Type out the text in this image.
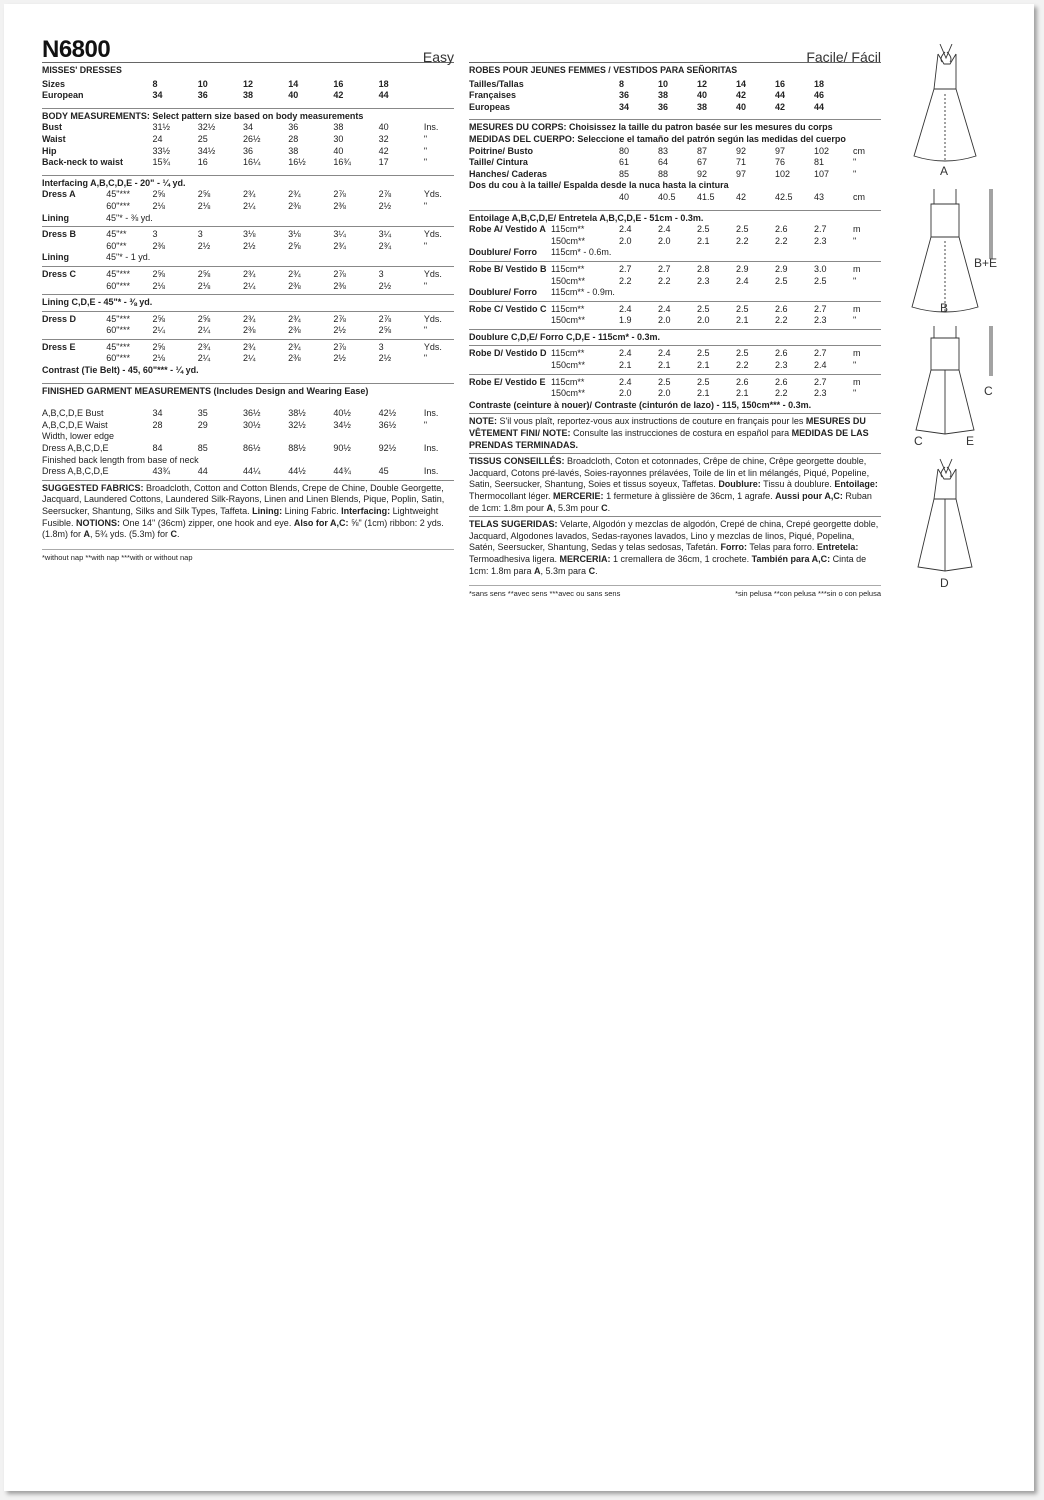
N6800	Easy
MISSES' DRESSES
Sizes	8	10	12	14	16	18	
European	34	36	38	40	42	44	
BODY MEASUREMENTS: Select pattern size based on body measurements
Bust	31½	32½	34	36	38	40	Ins.
Waist	24	25	26½	28	30	32	"
Hip	33½	34½	36	38	40	42	"
Back-neck to waist	15¾	16	16¼	16½	16¾	17	"
Interfacing A,B,C,D,E - 20" - ¼ yd.
Dress A	45"***	2⅝	2⅝	2¾	2¾	2⅞	2⅞	Yds.
	60"***	2⅛	2⅛	2¼	2⅜	2⅜	2½	"
Lining	45"* - ⅜ yd.
Dress B	45"**	3	3	3⅛	3⅛	3¼	3¼	Yds.
	60"**	2⅜	2½	2½	2⅝	2¾	2¾	"
Lining	45"* - 1 yd.
Dress C	45"***	2⅝	2⅝	2¾	2¾	2⅞	3	Yds.
	60"***	2⅛	2⅛	2¼	2⅜	2⅜	2½	"
Lining C,D,E - 45"* - ⅜ yd.
Dress D	45"***	2⅝	2⅝	2¾	2¾	2⅞	2⅞	Yds.
	60"***	2¼	2¼	2⅜	2⅜	2½	2⅝	"
Dress E	45"***	2⅝	2¾	2¾	2¾	2⅞	3	Yds.
	60"***	2⅛	2¼	2¼	2⅜	2½	2½	"
Contrast (Tie Belt) - 45, 60"*** - ¼ yd.
FINISHED GARMENT MEASUREMENTS (Includes Design and Wearing Ease)
A,B,C,D,E Bust	34	35	36½	38½	40½	42½	Ins.
A,B,C,D,E Waist	28	29	30½	32½	34½	36½	"
Width, lower edge
Dress A,B,C,D,E	84	85	86½	88½	90½	92½	Ins.
Finished back length from base of neck
Dress A,B,C,D,E	43¾	44	44¼	44½	44¾	45	Ins.
SUGGESTED FABRICS: Broadcloth, Cotton and Cotton Blends, Crepe de Chine, Double Georgette, Jacquard, Laundered Cottons, Laundered Silk-Rayons, Linen and Linen Blends, Pique, Poplin, Satin, Seersucker, Shantung, Silks and Silk Types, Taffeta. Lining: Lining Fabric. Interfacing: Lightweight Fusible. NOTIONS: One 14" (36cm) zipper, one hook and eye. Also for A,C: ⅝" (1cm) ribbon: 2 yds. (1.8m) for A, 5¾ yds. (5.3m) for C.
*without nap **with nap ***with or without nap
Facile/ Fácil
ROBES POUR JEUNES FEMMES / VESTIDOS PARA SEÑORITAS
Tailles/Tallas	8	10	12	14	16	18	
Françaises	36	38	40	42	44	46	
Europeas	34	36	38	40	42	44	
MESURES DU CORPS: Choisissez la taille du patron basée sur les mesures du corps
MEDIDAS DEL CUERPO: Seleccione el tamaño del patrón según las medidas del cuerpo
Poitrine/ Busto	80	83	87	92	97	102	cm
Taille/ Cintura	61	64	67	71	76	81	"
Hanches/ Caderas	85	88	92	97	102	107	"
Dos du cou à la taille/ Espalda desde la nuca hasta la cintura
	40	40.5	41.5	42	42.5	43	cm
Entoilage A,B,C,D,E/ Entretela A,B,C,D,E - 51cm - 0.3m.
Robe A/ Vestido A	115cm**	2.4	2.4	2.5	2.5	2.6	2.7	m
	150cm**	2.0	2.0	2.1	2.2	2.2	2.3	"
Doublure/ Forro	115cm* - 0.6m.
Robe B/ Vestido B	115cm**	2.7	2.7	2.8	2.9	2.9	3.0	m
	150cm**	2.2	2.2	2.3	2.4	2.5	2.5	"
Doublure/ Forro	115cm** - 0.9m.
Robe C/ Vestido C	115cm**	2.4	2.4	2.5	2.5	2.6	2.7	m
	150cm**	1.9	2.0	2.0	2.1	2.2	2.3	"
Doublure C,D,E/ Forro C,D,E - 115cm* - 0.3m.
Robe D/ Vestido D	115cm**	2.4	2.4	2.5	2.5	2.6	2.7	m
	150cm**	2.1	2.1	2.1	2.2	2.3	2.4	"
Robe E/ Vestido E	115cm**	2.4	2.5	2.5	2.6	2.6	2.7	m
	150cm**	2.0	2.0	2.1	2.1	2.2	2.3	"
Contraste (ceinture à nouer)/ Contraste (cinturón de lazo) - 115, 150cm*** - 0.3m.
NOTE: S'il vous plaît, reportez-vous aux instructions de couture en français pour les MESURES DU VÊTEMENT FINI/ NOTE: Consulte las instrucciones de costura en español para MEDIDAS DE LAS PRENDAS TERMINADAS.
TISSUS CONSEILLÉS: Broadcloth, Coton et cotonnades, Crêpe de chine, Crêpe georgette double, Jacquard, Cotons pré-lavés, Soies-rayonnes prélavées, Toile de lin et lin mélangés, Piqué, Popeline, Satin, Seersucker, Shantung, Soies et tissus soyeux, Taffetas. Doublure: Tissu à doublure. Entoilage: Thermocollant léger. MERCERIE: 1 fermeture à glissière de 36cm, 1 agrafe. Aussi pour A,C: Ruban de 1cm: 1.8m pour A, 5.3m pour C.
TELAS SUGERIDAS: Velarte, Algodón y mezclas de algodón, Crepé de china, Crepé georgette doble, Jacquard, Algodones lavados, Sedas-rayones lavados, Lino y mezclas de linos, Piqué, Popelina, Satén, Seersucker, Shantung, Sedas y telas sedosas, Tafetán. Forro: Telas para forro. Entretela: Termoadhesiva ligera. MERCERIA: 1 cremallera de 36cm, 1 crochete. También para A,C: Cinta de 1cm: 1.8m para A, 5.3m para C.
*sans sens **avec sens ***avec ou sans sens	*sin pelusa **con pelusa ***sin o con pelusa
A
B+E
B
C
C	E
D
